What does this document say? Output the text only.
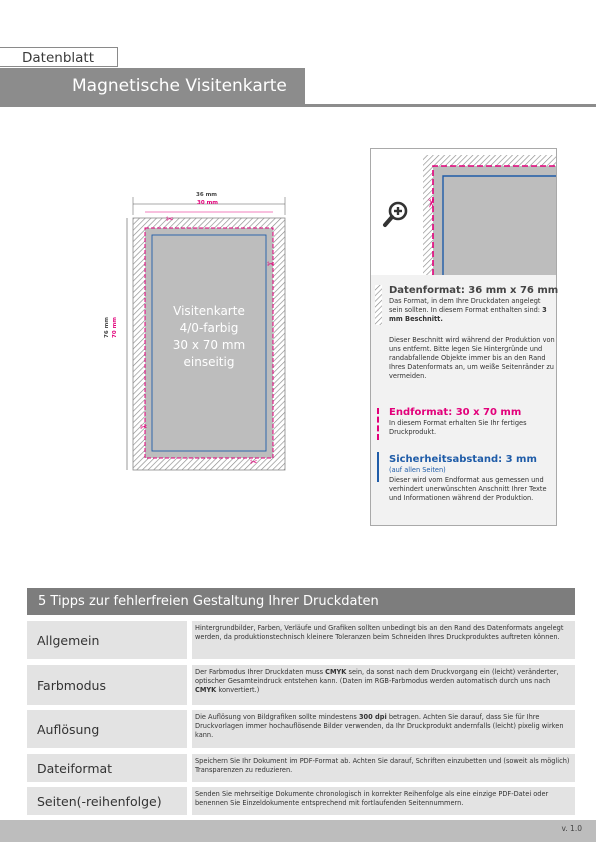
Datenblatt
Magnetische Visitenkarte
✂
✂
✂
✂
36 mm
30 mm
76 mm 70 mm
Visitenkarte
4/0-farbig
30 x 70 mm
einseitig
✂
Datenformat: 36 mm x 76 mm
Das Format, in dem Ihre Druckdaten angelegt sein sollten. In diesem Format enthalten sind: 3 mm Beschnitt.
Dieser Beschnitt wird während der Produktion von uns entfernt. Bitte legen Sie Hintergründe und randabfallende Objekte immer bis an den Rand Ihres Datenformats an, um weiße Seitenränder zu vermeiden.
Endformat: 30 x 70 mm
In diesem Format erhalten Sie Ihr fertiges Druckprodukt.
Sicherheitsabstand: 3 mm
(auf allen Seiten)
Dieser wird vom Endformat aus gemessen und verhindert unerwünschten Anschnitt Ihrer Texte und Informationen während der Produktion.
5 Tipps zur fehlerfreien Gestaltung Ihrer Druckdaten
Allgemein
Hintergrundbilder, Farben, Verläufe und Grafiken sollten unbedingt bis an den Rand des Datenformats angelegt werden, da produktionstechnisch kleinere Toleranzen beim Schneiden Ihres Druckproduktes auftreten können.
Farbmodus
Der Farbmodus Ihrer Druckdaten muss CMYK sein, da sonst nach dem Druckvorgang ein (leicht) veränderter, optischer Gesamteindruck entstehen kann. (Daten im RGB-Farbmodus werden automatisch durch uns nach CMYK konvertiert.)
Auflösung
Die Auflösung von Bildgrafiken sollte mindestens 300 dpi betragen. Achten Sie darauf, dass Sie für Ihre Druckvorlagen immer hochauflösende Bilder verwenden, da Ihr Druckprodukt andernfalls (leicht) pixelig wirken kann.
Dateiformat	Speichern Sie Ihr Dokument im PDF-Format ab. Achten Sie darauf, Schriften einzubetten und (soweit als möglich) Transparenzen zu reduzieren.
Seiten(-reihenfolge)	Senden Sie mehrseitige Dokumente chronologisch in korrekter Reihenfolge als eine einzige PDF-Datei oder benennen Sie Einzeldokumente entsprechend mit fortlaufenden Seitennummern.
v. 1.0
